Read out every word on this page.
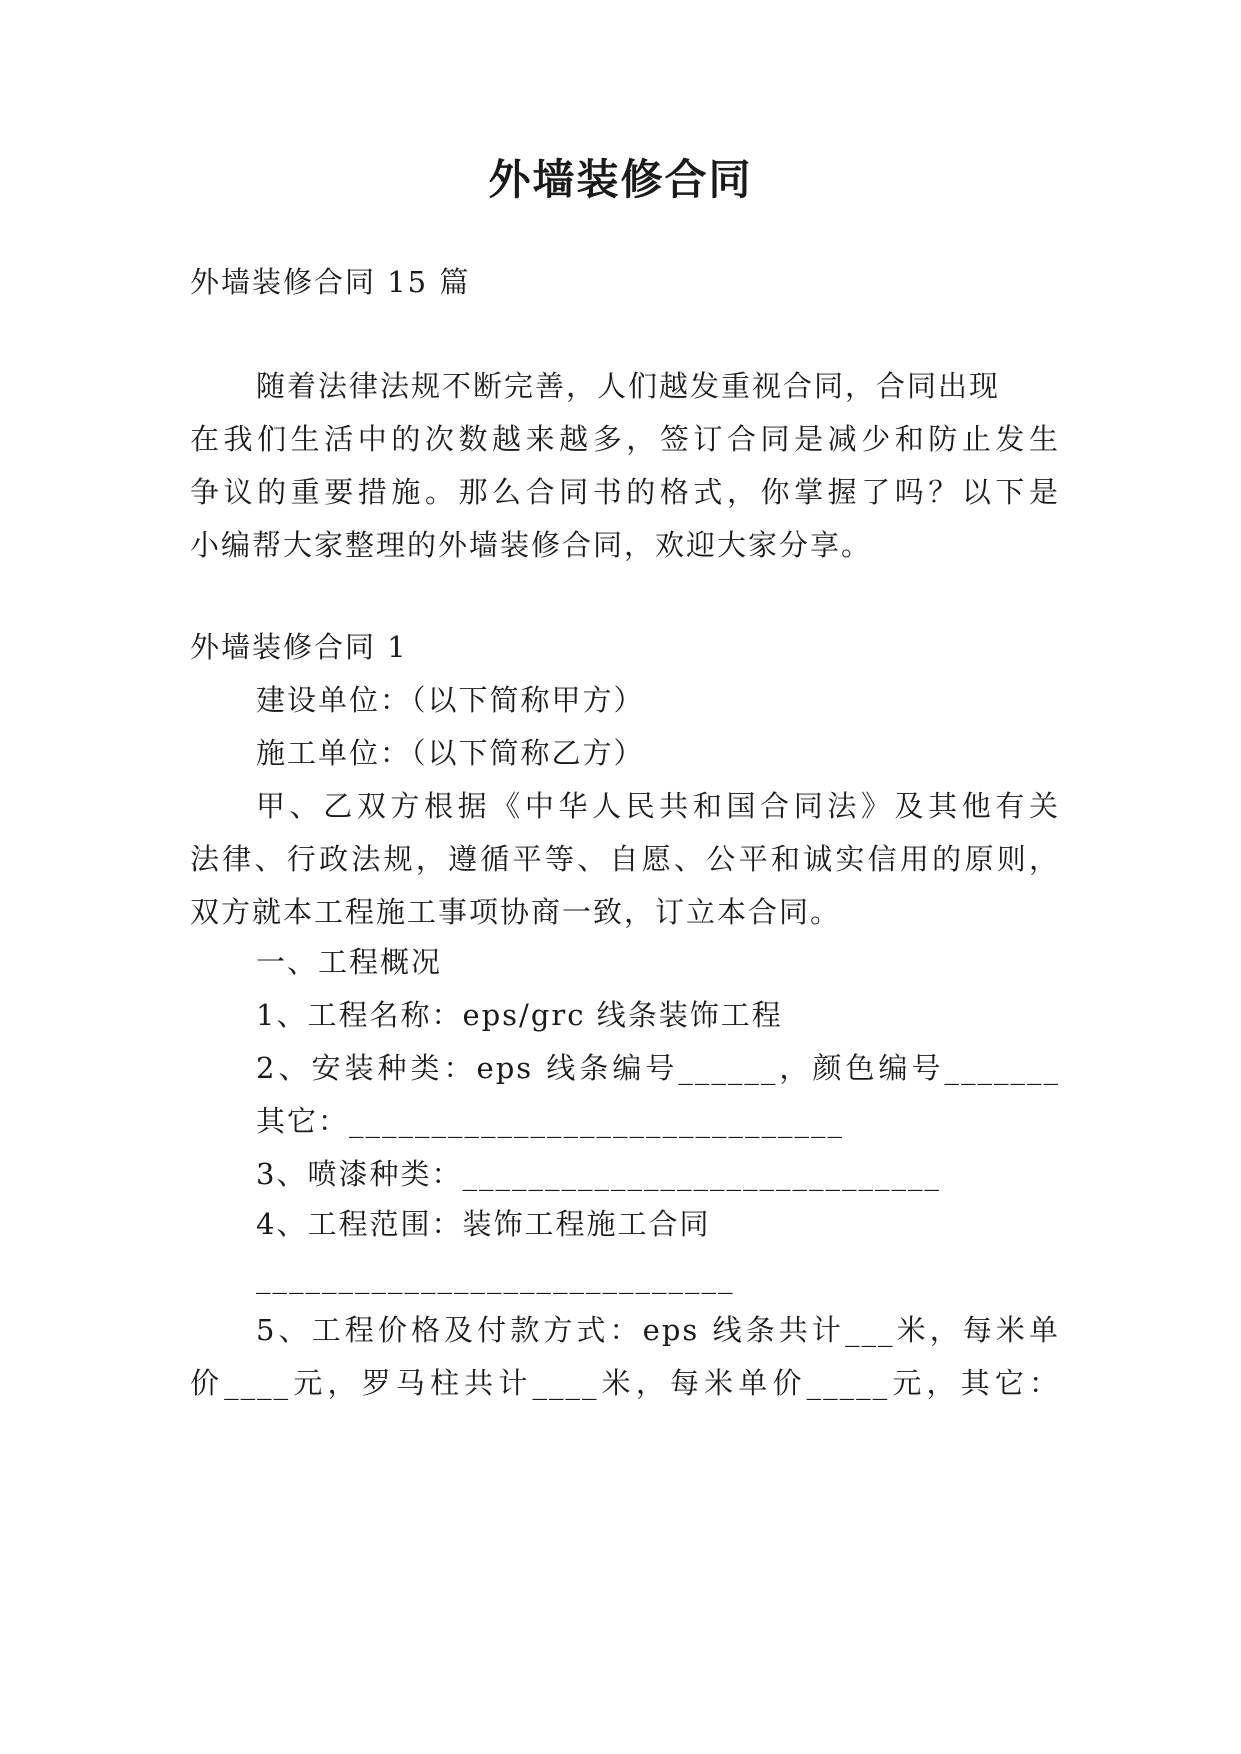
外墙装修合同
外墙装修合同 15 篇
随着法律法规不断完善，人们越发重视合同，合同出现
在我们生活中的次数越来越多，签订合同是减少和防止发生
争议的重要措施。那么合同书的格式，你掌握了吗？以下是
小编帮大家整理的外墙装修合同，欢迎大家分享。
外墙装修合同 1
建设单位：（以下简称甲方）
施工单位：（以下简称乙方）
甲、乙双方根据《中华人民共和国合同法》及其他有关
法律、行政法规，遵循平等、自愿、公平和诚实信用的原则，
双方就本工程施工事项协商一致，订立本合同。
一、工程概况
1、工程名称：eps/grc 线条装饰工程
2、安装种类：eps 线条编号______，颜色编号_______
其它：______________________________
3、喷漆种类：_____________________________
4、工程范围：装饰工程施工合同
_____________________________
5、工程价格及付款方式：eps 线条共计___米，每米单
价____元，罗马柱共计____米，每米单价_____元，其它：
